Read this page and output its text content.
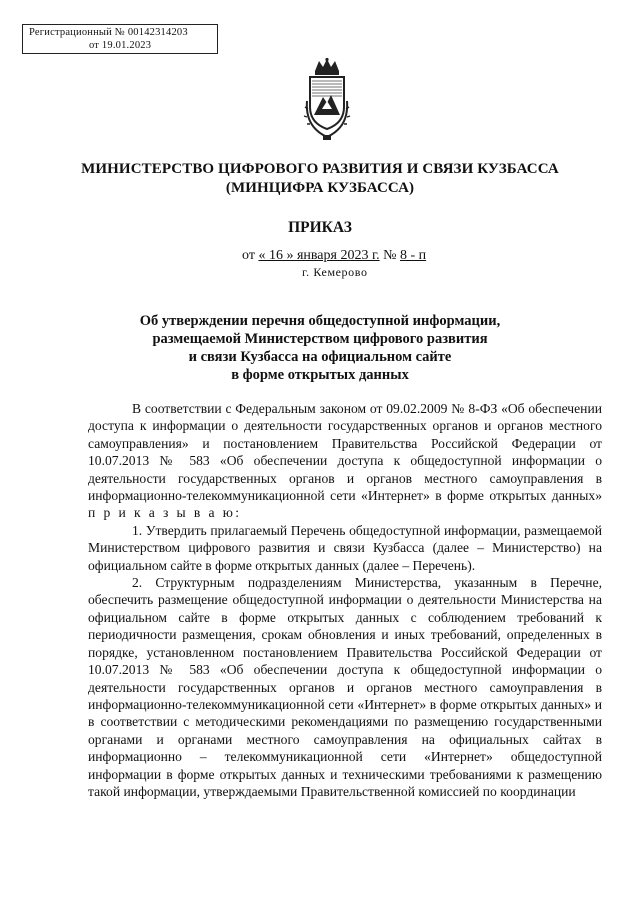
Регистрационный № 00142314203
от 19.01.2023
МИНИСТЕРСТВО ЦИФРОВОГО РАЗВИТИЯ И СВЯЗИ КУЗБАССА
(МИНЦИФРА КУЗБАССА)
ПРИКАЗ
от « 16 » января 2023 г. № 8 - п
г. Кемерово
Об утверждении перечня общедоступной информации,
размещаемой Министерством цифрового развития
и связи Кузбасса на официальном сайте
в форме открытых данных

В соответствии с Федеральным законом от 09.02.2009 № 8-ФЗ «Об обеспечении доступа к информации о деятельности государственных органов и органов местного самоуправления» и постановлением Правительства Российской Федерации от 10.07.2013 № 583 «Об обеспечении доступа к общедоступной информации о деятельности государственных органов и органов местного самоуправления в информационно-телекоммуникационной сети «Интернет» в форме открытых данных» п р и к а з ы в а ю:

1. Утвердить прилагаемый Перечень общедоступной информации, размещаемой Министерством цифрового развития и связи Кузбасса (далее – Министерство) на официальном сайте в форме открытых данных (далее – Перечень).

2. Структурным подразделениям Министерства, указанным в Перечне, обеспечить размещение общедоступной информации о деятельности Министерства на официальном сайте в форме открытых данных с соблюдением требований к периодичности размещения, срокам обновления и иных требований, определенных в порядке, установленном постановлением Правительства Российской Федерации от 10.07.2013 № 583 «Об обеспечении доступа к общедоступной информации о деятельности государственных органов и органов местного самоуправления в информационно-телекоммуникационной сети «Интернет» в форме открытых данных» и в соответствии с методическими рекомендациями по размещению государственными органами и органами местного самоуправления на официальных сайтах в информационно – телекоммуникационной сети «Интернет» общедоступной информации в форме открытых данных и техническими требованиями к размещению такой информации, утверждаемыми Правительственной комиссией по координации
